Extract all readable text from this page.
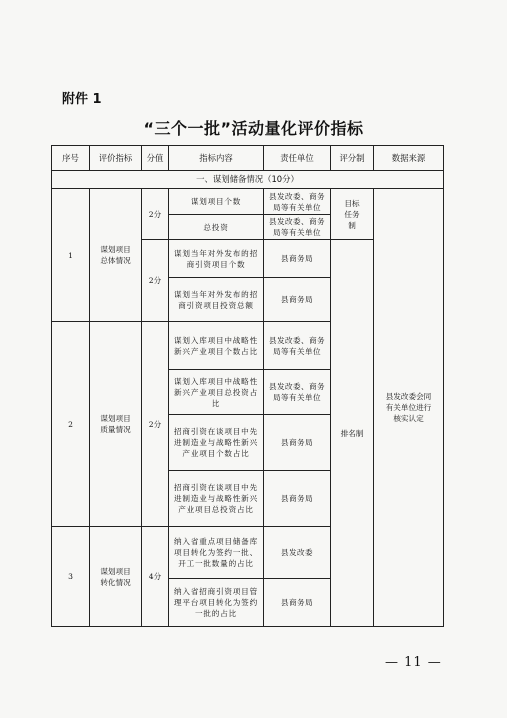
附件 1
“三个一批”活动量化评价指标
序号	评价指标	分值	指标内容	责任单位	评分制	数据来源
一、谋划储备情况（10分）						
1	谋划项目总体情况	2分	谋划项目个数	县发改委、商务局等有关单位	目标任务制	县发改委会同有关单位进行核实认定
			总投资	县发改委、商务局等有关单位		
		2分	谋划当年对外发布的招商引资项目个数	县商务局	排名制	
			谋划当年对外发布的招商引资项目投资总额	县商务局		
2	谋划项目质量情况	2分	谋划入库项目中战略性新兴产业项目个数占比	县发改委、商务局等有关单位		
			谋划入库项目中战略性新兴产业项目总投资占比	县发改委、商务局等有关单位		
			招商引资在谈项目中先进制造业与战略性新兴产业项目个数占比	县商务局		
			招商引资在谈项目中先进制造业与战略性新兴产业项目总投资占比	县商务局		
3	谋划项目转化情况	4分	纳入省重点项目储备库项目转化为签约一批、开工一批数量的占比	县发改委		
			纳入省招商引资项目管理平台项目转化为签约一批的占比	县商务局		
— 11 —
